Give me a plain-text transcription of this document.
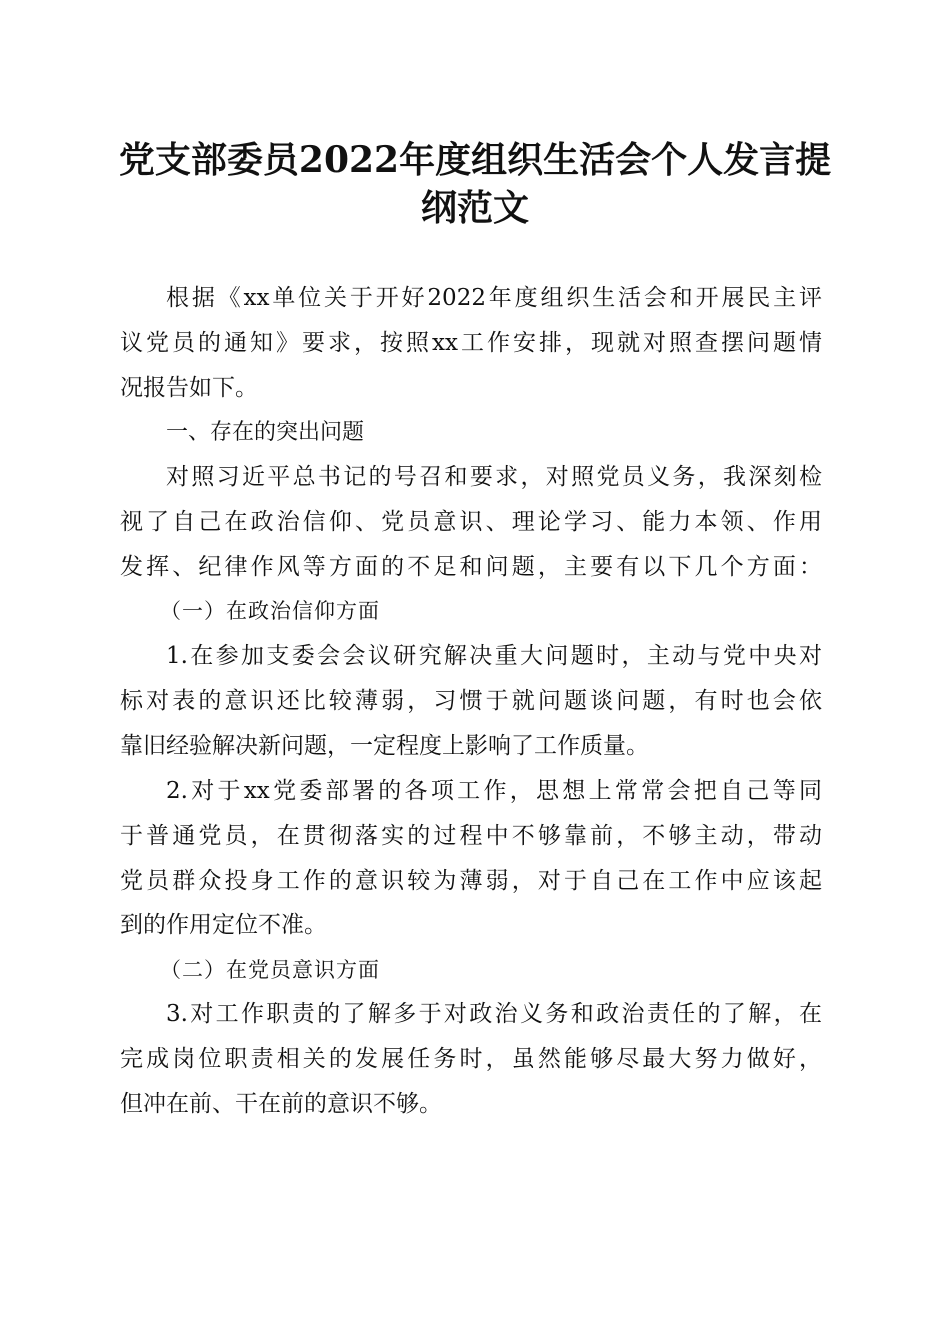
党支部委员2022年度组织生活会个人发言提
纲范文

根据《xx单位关于开好2022年度组织生活会和开展民主评

议党员的通知》要求，按照xx工作安排，现就对照查摆问题情

况报告如下。

一、存在的突出问题

对照习近平总书记的号召和要求，对照党员义务，我深刻检

视了自己在政治信仰、党员意识、理论学习、能力本领、作用

发挥、纪律作风等方面的不足和问题，主要有以下几个方面：

（一）在政治信仰方面

1.在参加支委会会议研究解决重大问题时，主动与党中央对

标对表的意识还比较薄弱，习惯于就问题谈问题，有时也会依

靠旧经验解决新问题，一定程度上影响了工作质量。

2.对于xx党委部署的各项工作，思想上常常会把自己等同

于普通党员，在贯彻落实的过程中不够靠前，不够主动，带动

党员群众投身工作的意识较为薄弱，对于自己在工作中应该起

到的作用定位不准。

（二）在党员意识方面

3.对工作职责的了解多于对政治义务和政治责任的了解，在

完成岗位职责相关的发展任务时，虽然能够尽最大努力做好，

但冲在前、干在前的意识不够。
